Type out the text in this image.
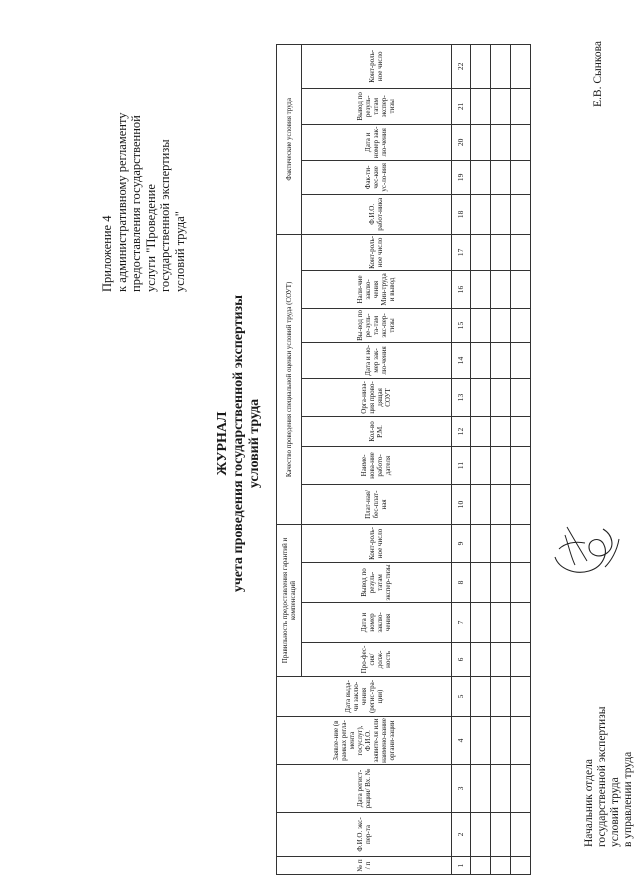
Приложение 4 к административному регламенту предоставления государственной услуги "Проведение государственной экспертизы условий труда"
ЖУРНАЛ учета проведения государственной экспертизы условий труда
№ п / п	Ф.И.О. экс-пер-та	Дата регист-рации/ Вх. №	Заявле-ние (в рамках регла-мента госуслуг), Ф.И.О. заявите-ля или наимено-вание органи-зации	Дата выда-чи заклю-чения (регис-тра-ции)	Правильность предоставления гарантий и компенсаций				Качество проведения специальной оценки условий труда (СОУТ)								Фактические условия труда				
					Про-фес-сия/ долж-ность	Дата и номер заклю-чения	Вывод по резуль-татам экспер-тизы	Конт-роль-ное число	Плат-ная/ бес-плат-ная	Наиме-нова-ние работо-дателя	Кол-во Р.М.	Орга-низа-ция прово-дящая СОУТ	Дата и но-мер зак-лю-чения	Вы-вод по ре-зуль-та-там экс-пер-тизы	Нали-чие заклю-чения Мин-труда и вывод	Конт-роль-ное число	Ф.И.О. работ-ника	Фак-ти-чес-кие ус-ло-вия	Дата и номер зак-лю-чения	Вывод по резуль-татам экспер-тизы	Конт-роль-ное число
1	2	3	4	5	6	7	8	9	10	11	12	13	14	15	16	17	18	19	20	21	22

Начальник отдела государственной экспертизы условий труда в управлении труда
Е.В. Сынкова
